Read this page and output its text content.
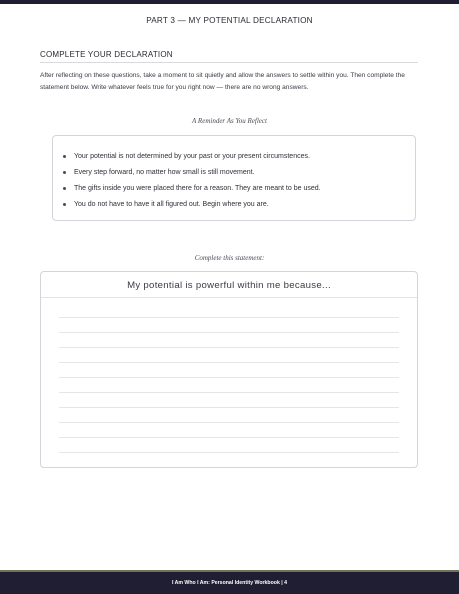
PART 3 — MY POTENTIAL DECLARATION
COMPLETE YOUR DECLARATION
After reflecting on these questions, take a moment to sit quietly and allow the answers to settle within you. Then complete the statement below. Write whatever feels true for you right now — there are no wrong answers.
A Reminder As You Reflect
Your potential is not determined by your past or your present circumstences.
Every step forward, no matter how small is still movement.
The gifts inside you were placed there for a reason. They are meant to be used.
You do not have to have it all figured out. Begin where you are.
Complete this statement:
My potential is powerful within me because...
I Am Who I Am: Personal Identity Workbook | 4
